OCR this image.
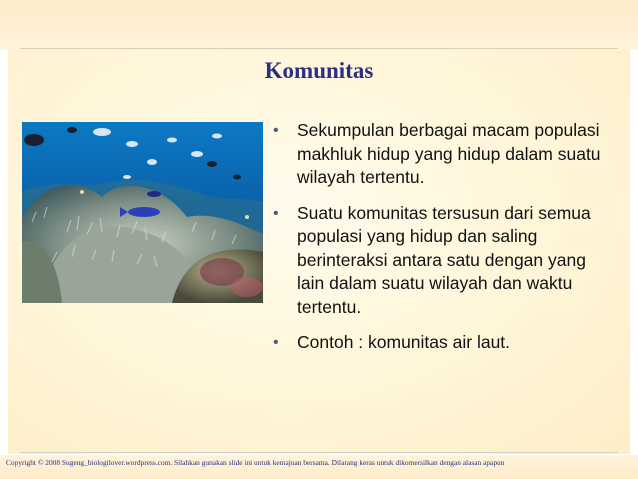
Komunitas
• Sekumpulan berbagai macam populasi makhluk hidup yang hidup dalam suatu wilayah tertentu.
• Suatu komunitas tersusun dari semua populasi yang hidup dan saling berinteraksi antara satu dengan yang lain dalam suatu wilayah dan waktu tertentu.
• Contoh : komunitas air laut.
Copyright © 2008 Sugeng_biologilover.wordpress.com. Silahkan gunakan slide ini untuk kemajuan bersama. Dilarang keras untuk dikomersilkan dengan alasan apapun
